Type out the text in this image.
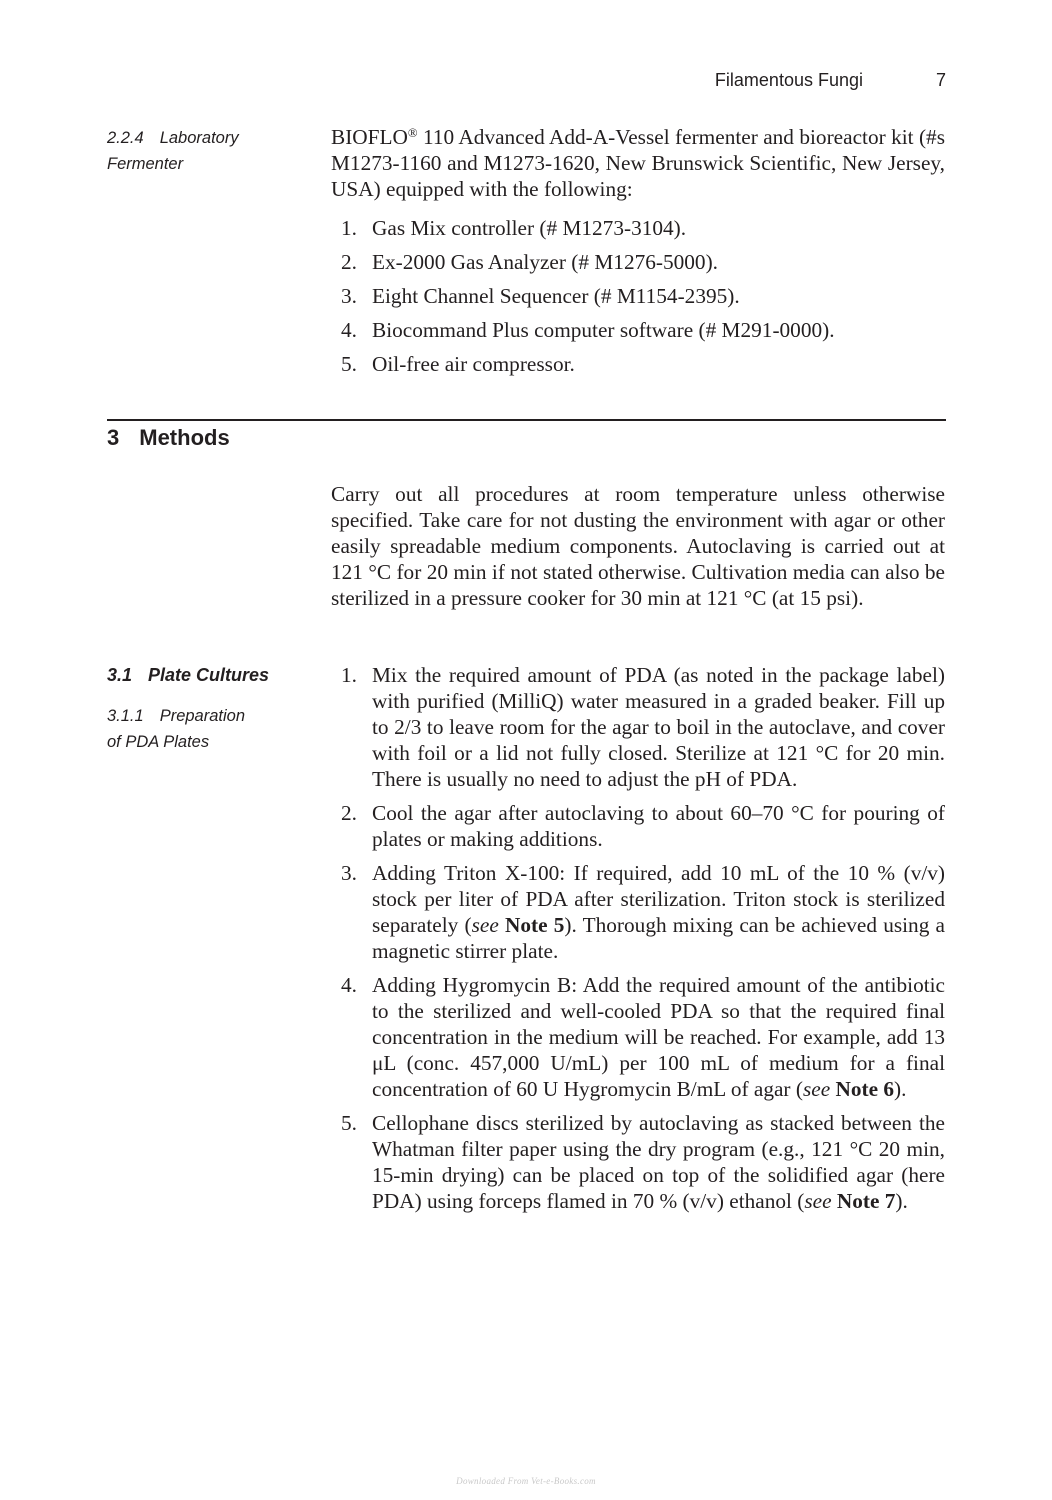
Filamentous Fungi	7
2.2.4 Laboratory
Fermenter
BIOFLO® 110 Advanced Add-A-Vessel fermenter and bioreactor kit (#s M1273-1160 and M1273-1620, New Brunswick Scientific, New Jersey, USA) equipped with the following:
1. Gas Mix controller (# M1273-3104).
2. Ex-2000 Gas Analyzer (# M1276-5000).
3. Eight Channel Sequencer (# M1154-2395).
4. Biocommand Plus computer software (# M291-0000).
5. Oil-free air compressor.
3 Methods
Carry out all procedures at room temperature unless otherwise specified. Take care for not dusting the environment with agar or other easily spreadable medium components. Autoclaving is carried out at 121 °C for 20 min if not stated otherwise. Cultivation media can also be sterilized in a pressure cooker for 30 min at 121 °C (at 15 psi).
3.1 Plate Cultures
3.1.1 Preparation
of PDA Plates
1. Mix the required amount of PDA (as noted in the package label) with purified (MilliQ) water measured in a graded beaker. Fill up to 2/3 to leave room for the agar to boil in the autoclave, and cover with foil or a lid not fully closed. Sterilize at 121 °C for 20 min. There is usually no need to adjust the pH of PDA.
2. Cool the agar after autoclaving to about 60–70 °C for pouring of plates or making additions.
3. Adding Triton X-100: If required, add 10 mL of the 10 % (v/v) stock per liter of PDA after sterilization. Triton stock is sterilized separately (see Note 5). Thorough mixing can be achieved using a magnetic stirrer plate.
4. Adding Hygromycin B: Add the required amount of the antibiotic to the sterilized and well-cooled PDA so that the required final concentration in the medium will be reached. For example, add 13 μL (conc. 457,000 U/mL) per 100 mL of medium for a final concentration of 60 U Hygromycin B/mL of agar (see Note 6).
5. Cellophane discs sterilized by autoclaving as stacked between the Whatman filter paper using the dry program (e.g., 121 °C 20 min, 15-min drying) can be placed on top of the solidified agar (here PDA) using forceps flamed in 70 % (v/v) ethanol (see Note 7).
Downloaded From Vet-e-Books.com
